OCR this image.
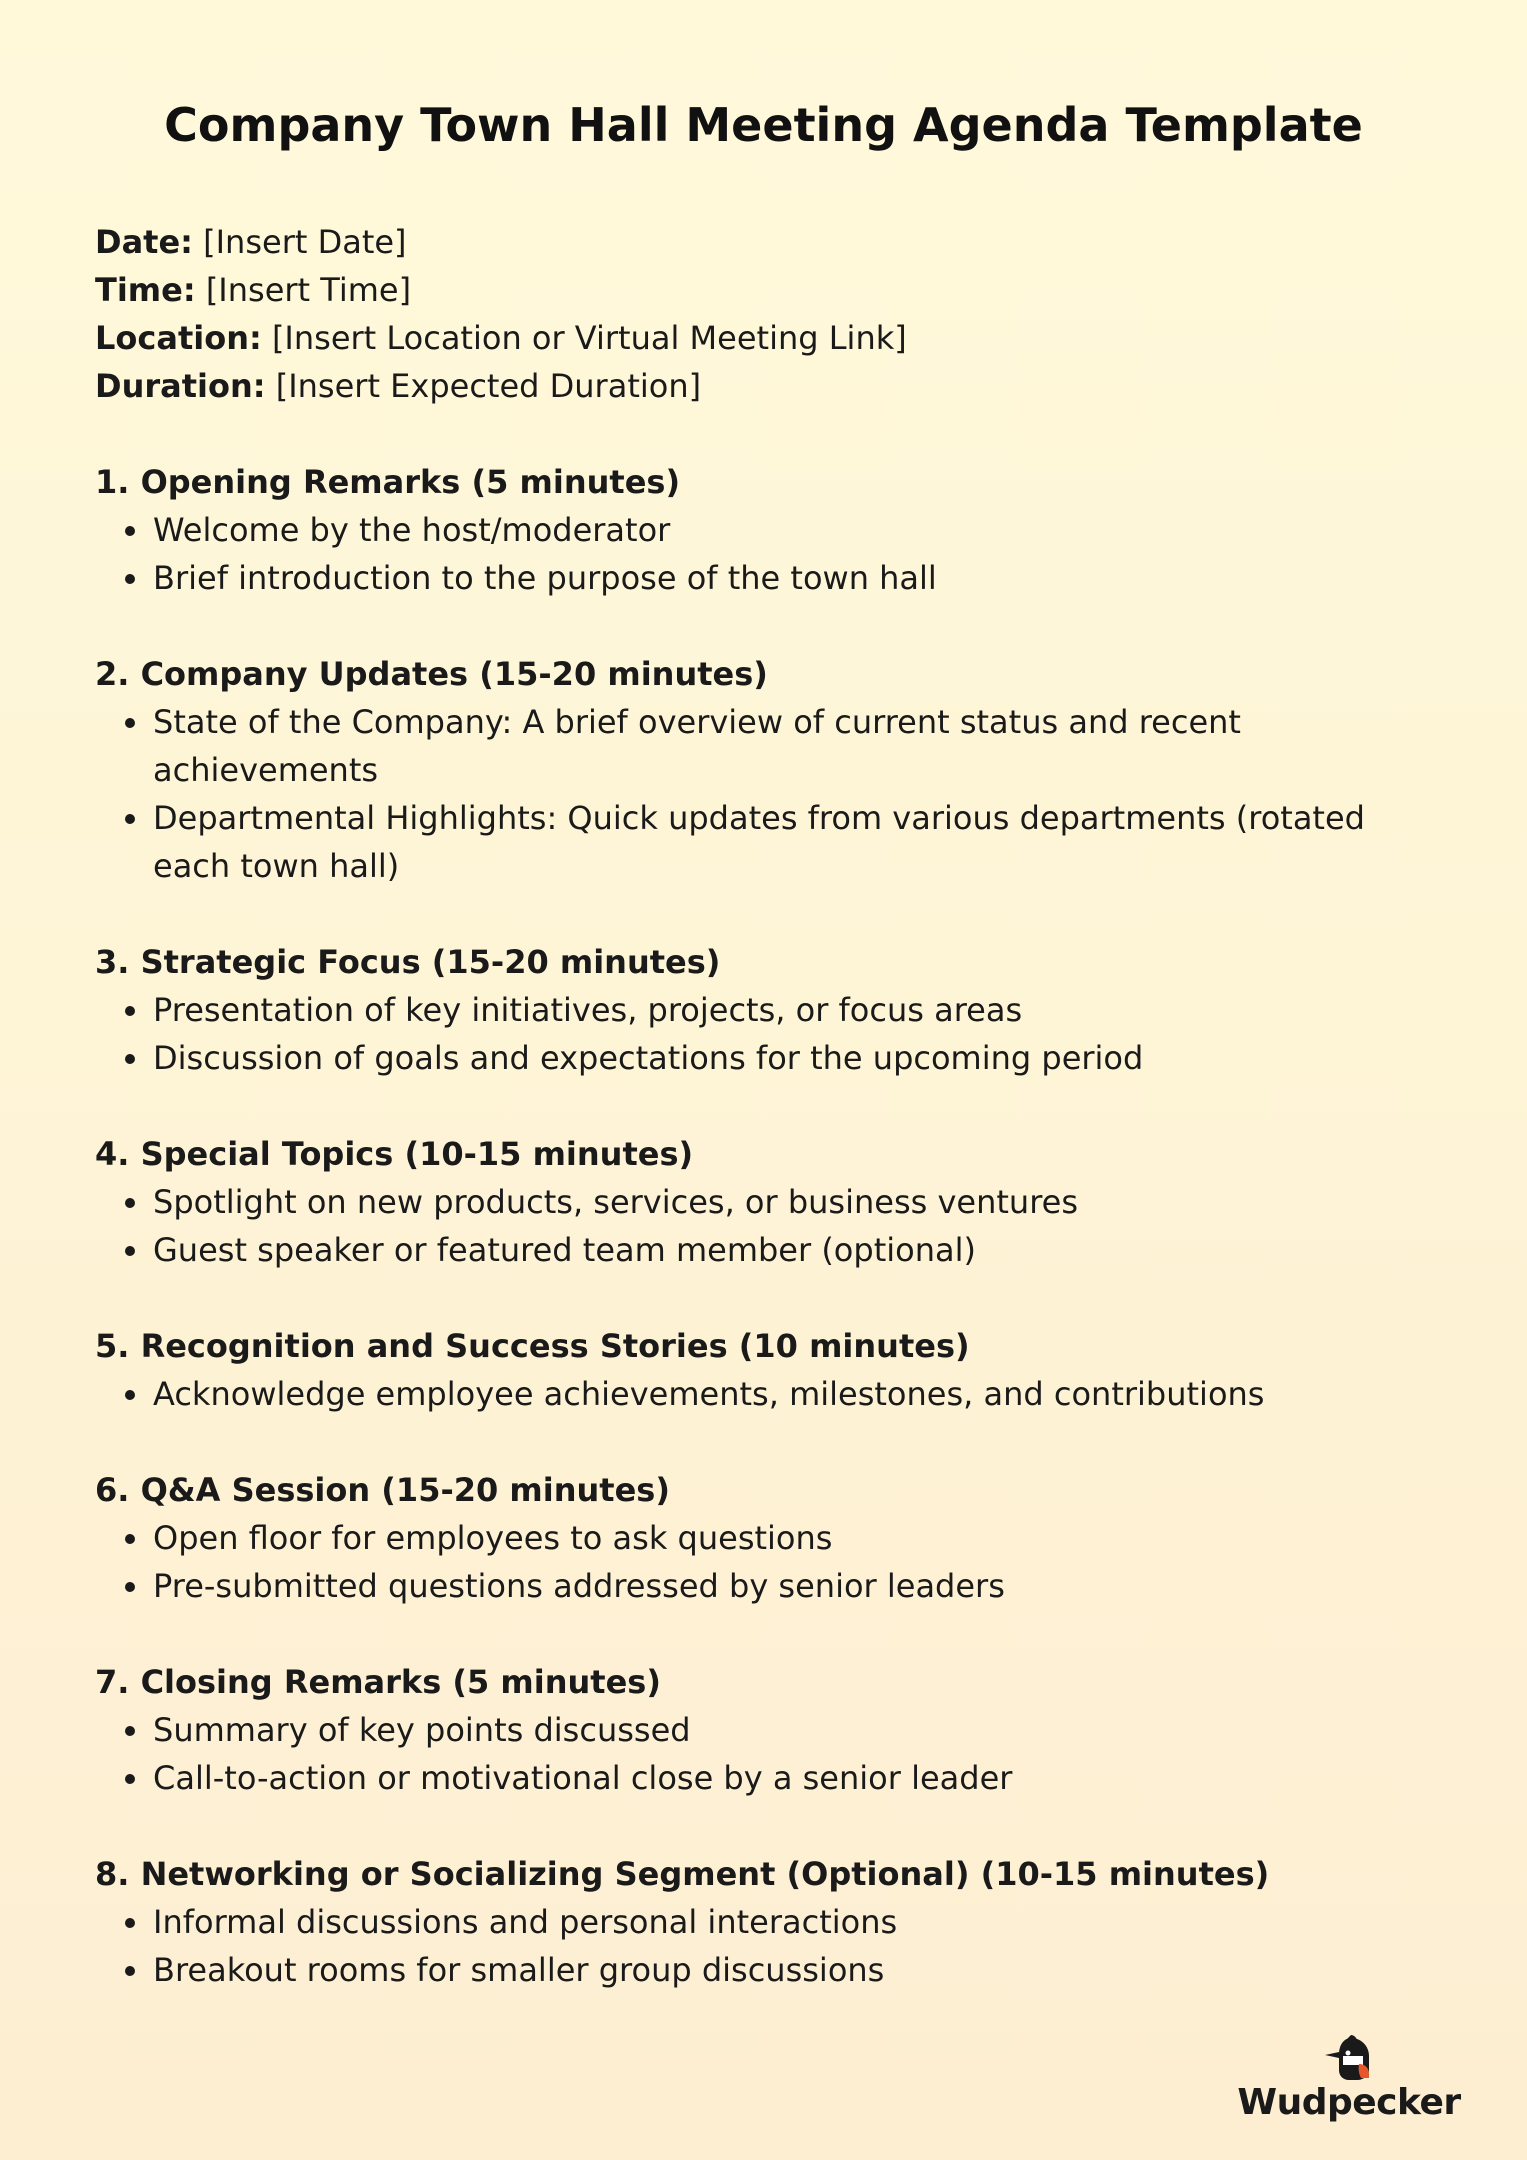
Company Town Hall Meeting Agenda Template

Date: [Insert Date]

Time: [Insert Time]

Location: [Insert Location or Virtual Meeting Link]

Duration: [Insert Expected Duration]

1. Opening Remarks (5 minutes)

Welcome by the host/moderator
Brief introduction to the purpose of the town hall

2. Company Updates (15-20 minutes)

State of the Company: A brief overview of current status and recent achievements
Departmental Highlights: Quick updates from various departments (rotated each town hall)

3. Strategic Focus (15-20 minutes)

Presentation of key initiatives, projects, or focus areas
Discussion of goals and expectations for the upcoming period

4. Special Topics (10-15 minutes)

Spotlight on new products, services, or business ventures
Guest speaker or featured team member (optional)

5. Recognition and Success Stories (10 minutes)

Acknowledge employee achievements, milestones, and contributions

6. Q&A Session (15-20 minutes)

Open floor for employees to ask questions
Pre-submitted questions addressed by senior leaders

7. Closing Remarks (5 minutes)

Summary of key points discussed
Call-to-action or motivational close by a senior leader

8. Networking or Socializing Segment (Optional) (10-15 minutes)

Informal discussions and personal interactions
Breakout rooms for smaller group discussions
Wudpecker
